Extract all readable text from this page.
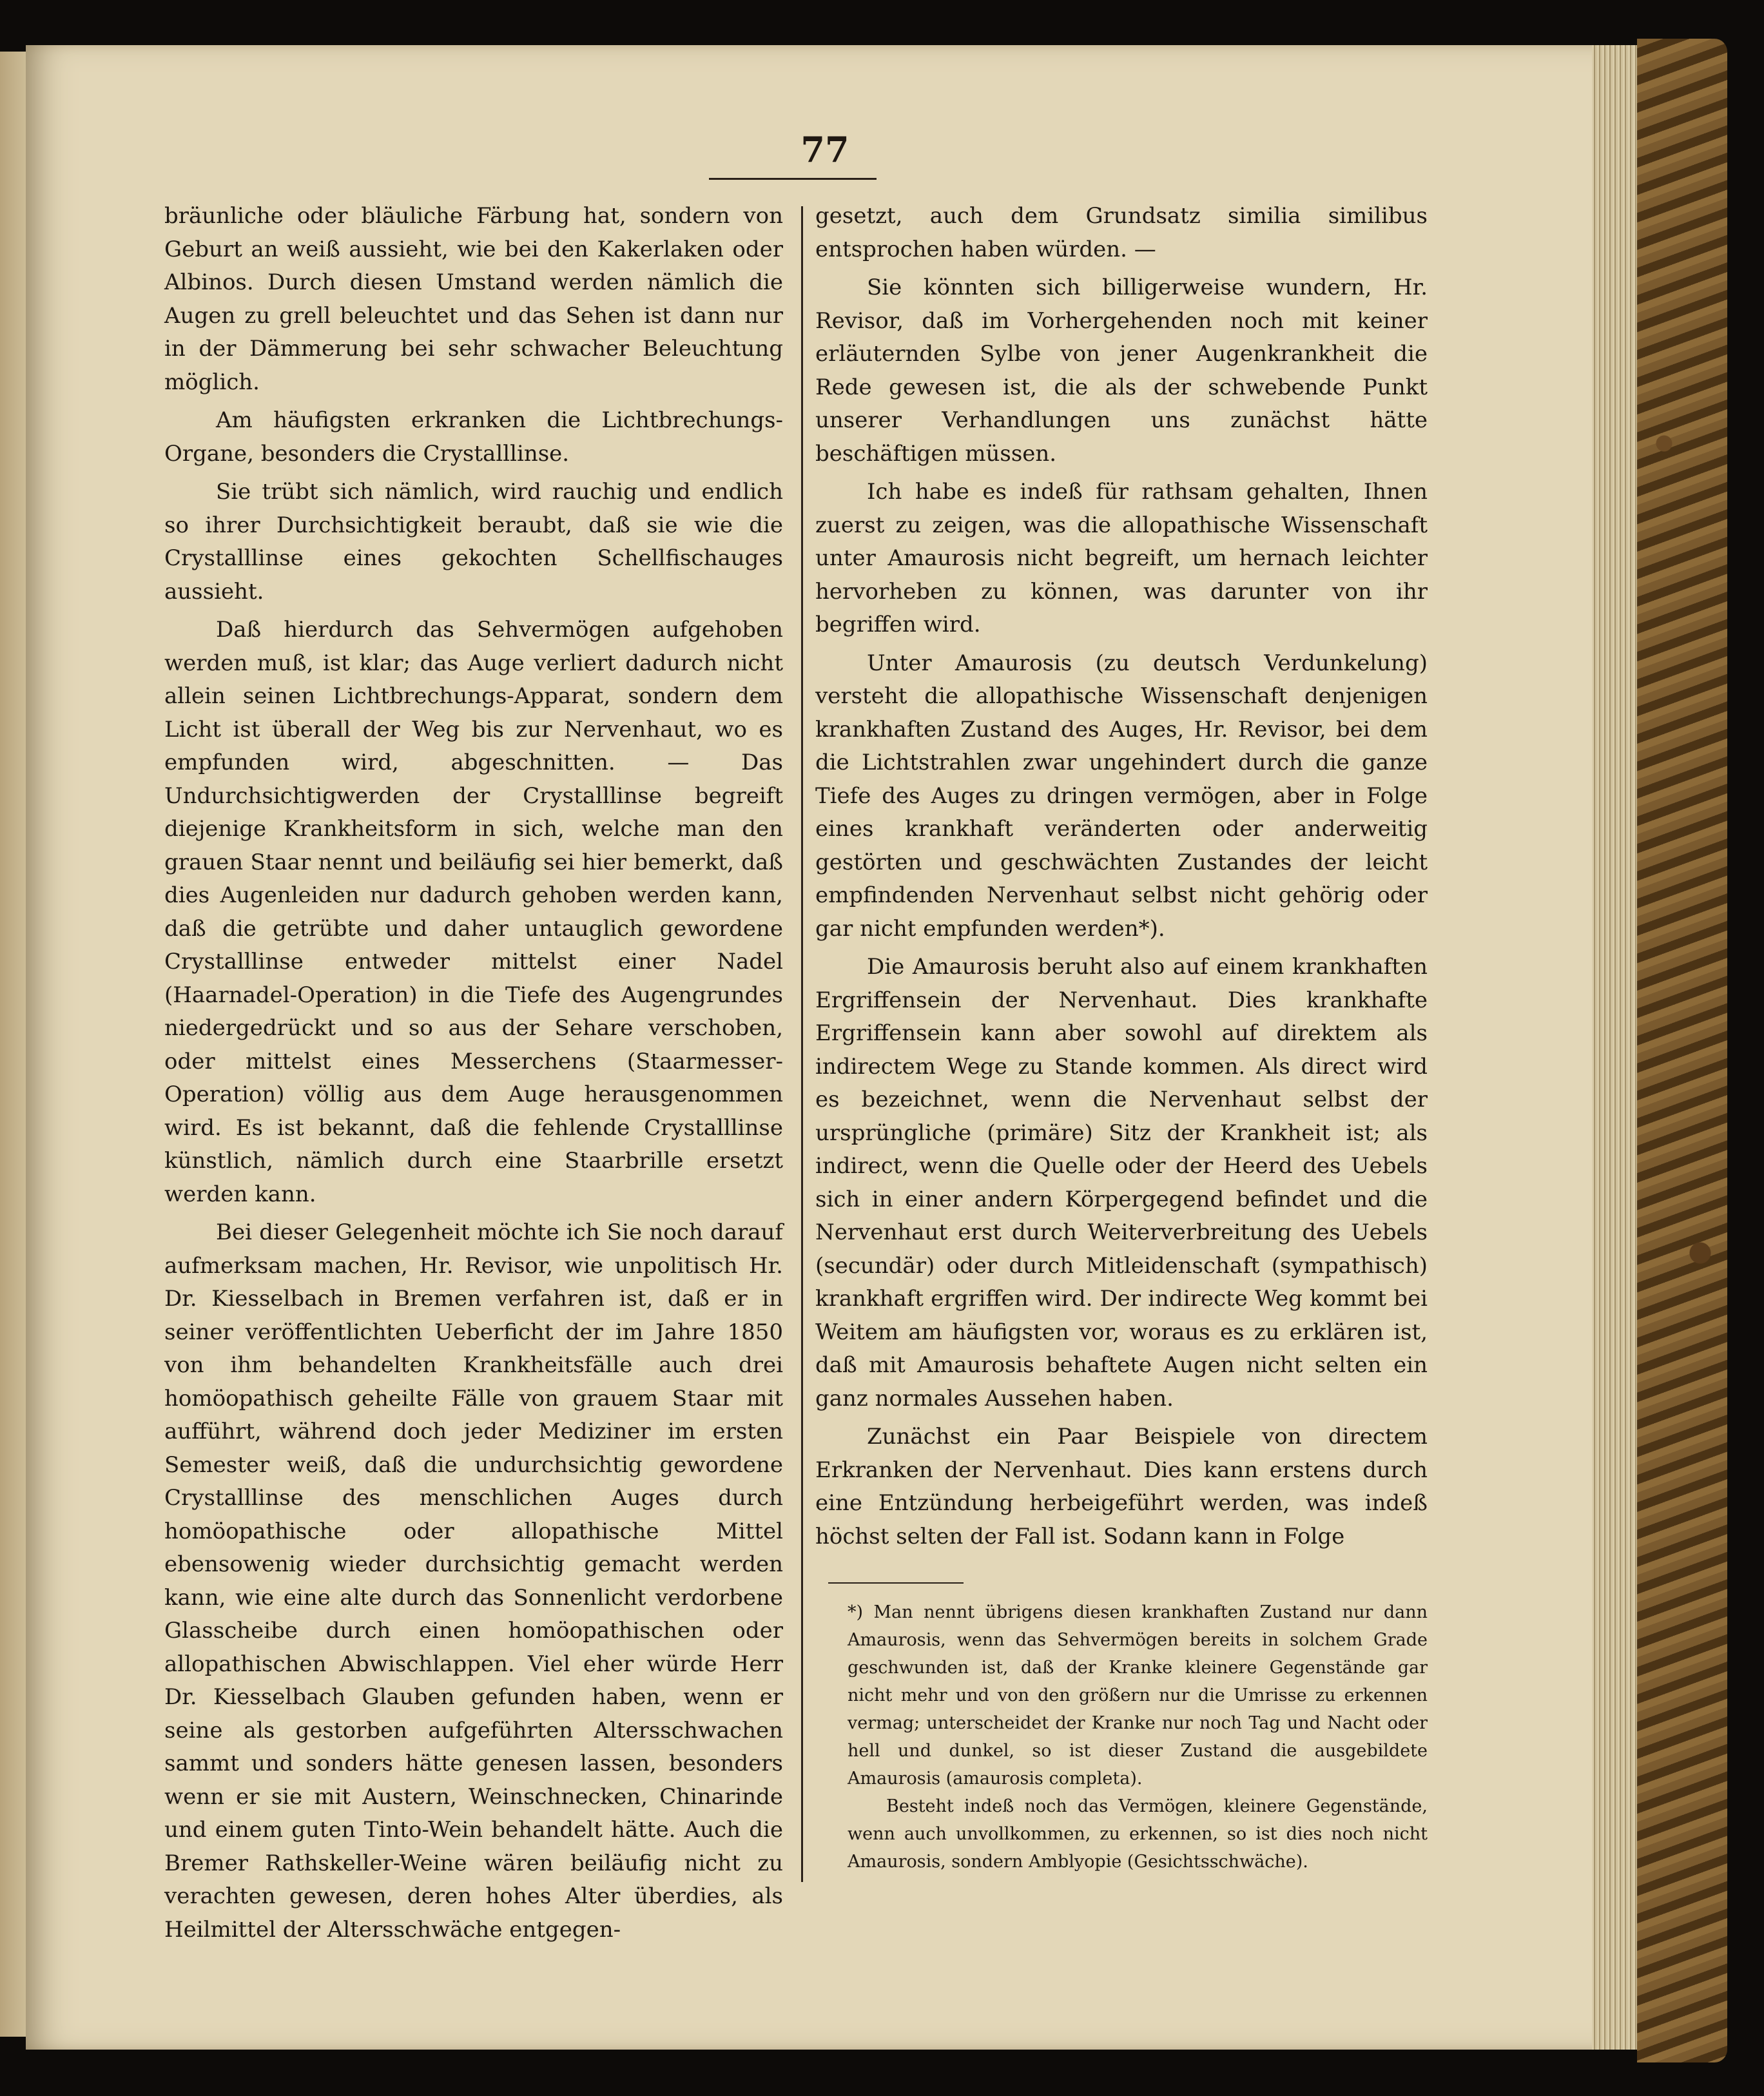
77

bräunliche oder bläuliche Färbung hat, sondern von Geburt an weiß aussieht, wie bei den Kakerlaken oder Albinos. Durch diesen Umstand werden nämlich die Augen zu grell beleuchtet und das Sehen ist dann nur in der Dämmerung bei sehr schwacher Beleuchtung möglich.

Am häufigsten erkranken die Lichtbrechungs-Organe, besonders die Crystalllinse.

Sie trübt sich nämlich, wird rauchig und endlich so ihrer Durchsichtigkeit beraubt, daß sie wie die Crystalllinse eines gekochten Schellfischauges aussieht.

Daß hierdurch das Sehvermögen aufgehoben werden muß, ist klar; das Auge verliert dadurch nicht allein seinen Lichtbrechungs-Apparat, sondern dem Licht ist überall der Weg bis zur Nervenhaut, wo es empfunden wird, abgeschnitten. — Das Undurchsichtigwerden der Crystalllinse begreift diejenige Krankheitsform in sich, welche man den grauen Staar nennt und beiläufig sei hier bemerkt, daß dies Augenleiden nur dadurch gehoben werden kann, daß die getrübte und daher untauglich gewordene Crystalllinse entweder mittelst einer Nadel (Haarnadel-Operation) in die Tiefe des Augengrundes niedergedrückt und so aus der Sehare verschoben, oder mittelst eines Messerchens (Staarmesser-Operation) völlig aus dem Auge herausgenommen wird. Es ist bekannt, daß die fehlende Crystalllinse künstlich, nämlich durch eine Staarbrille ersetzt werden kann.

Bei dieser Gelegenheit möchte ich Sie noch darauf aufmerksam machen, Hr. Revisor, wie unpolitisch Hr. Dr. Kiesselbach in Bremen verfahren ist, daß er in seiner veröffentlichten Ueberficht der im Jahre 1850 von ihm behandelten Krankheitsfälle auch drei homöopathisch geheilte Fälle von grauem Staar mit aufführt, während doch jeder Mediziner im ersten Semester weiß, daß die undurchsichtig gewordene Crystalllinse des menschlichen Auges durch homöopathische oder allopathische Mittel ebensowenig wieder durchsichtig gemacht werden kann, wie eine alte durch das Sonnenlicht verdorbene Glasscheibe durch einen homöopathischen oder allopathischen Abwischlappen. Viel eher würde Herr Dr. Kiesselbach Glauben gefunden haben, wenn er seine als gestorben aufgeführten Altersschwachen sammt und sonders hätte genesen lassen, besonders wenn er sie mit Austern, Weinschnecken, Chinarinde und einem guten Tinto-Wein behandelt hätte. Auch die Bremer Rathskeller-Weine wären beiläufig nicht zu verachten gewesen, deren hohes Alter überdies, als Heilmittel der Altersschwäche entgegen-

gesetzt, auch dem Grundsatz similia similibus entsprochen haben würden. —

Sie könnten sich billigerweise wundern, Hr. Revisor, daß im Vorhergehenden noch mit keiner erläuternden Sylbe von jener Augenkrankheit die Rede gewesen ist, die als der schwebende Punkt unserer Verhandlungen uns zunächst hätte beschäftigen müssen.

Ich habe es indeß für rathsam gehalten, Ihnen zuerst zu zeigen, was die allopathische Wissenschaft unter Amaurosis nicht begreift, um hernach leichter hervorheben zu können, was darunter von ihr begriffen wird.

Unter Amaurosis (zu deutsch Verdunkelung) versteht die allopathische Wissenschaft denjenigen krankhaften Zustand des Auges, Hr. Revisor, bei dem die Lichtstrahlen zwar ungehindert durch die ganze Tiefe des Auges zu dringen vermögen, aber in Folge eines krankhaft veränderten oder anderweitig gestörten und geschwächten Zustandes der leicht empfindenden Nervenhaut selbst nicht gehörig oder gar nicht empfunden werden*).

Die Amaurosis beruht also auf einem krankhaften Ergriffensein der Nervenhaut. Dies krankhafte Ergriffensein kann aber sowohl auf direktem als indirectem Wege zu Stande kommen. Als direct wird es bezeichnet, wenn die Nervenhaut selbst der ursprüngliche (primäre) Sitz der Krankheit ist; als indirect, wenn die Quelle oder der Heerd des Uebels sich in einer andern Körpergegend befindet und die Nervenhaut erst durch Weiterverbreitung des Uebels (secundär) oder durch Mitleidenschaft (sympathisch) krankhaft ergriffen wird. Der indirecte Weg kommt bei Weitem am häufigsten vor, woraus es zu erklären ist, daß mit Amaurosis behaftete Augen nicht selten ein ganz normales Aussehen haben.

Zunächst ein Paar Beispiele von directem Erkranken der Nervenhaut. Dies kann erstens durch eine Entzündung herbeigeführt werden, was indeß höchst selten der Fall ist. Sodann kann in Folge

*) Man nennt übrigens diesen krankhaften Zustand nur dann Amaurosis, wenn das Sehvermögen bereits in solchem Grade geschwunden ist, daß der Kranke kleinere Gegenstände gar nicht mehr und von den größern nur die Umrisse zu erkennen vermag; unterscheidet der Kranke nur noch Tag und Nacht oder hell und dunkel, so ist dieser Zustand die ausgebildete Amaurosis (amaurosis completa).

Besteht indeß noch das Vermögen, kleinere Gegenstände, wenn auch unvollkommen, zu erkennen, so ist dies noch nicht Amaurosis, sondern Amblyopie (Gesichtsschwäche).
